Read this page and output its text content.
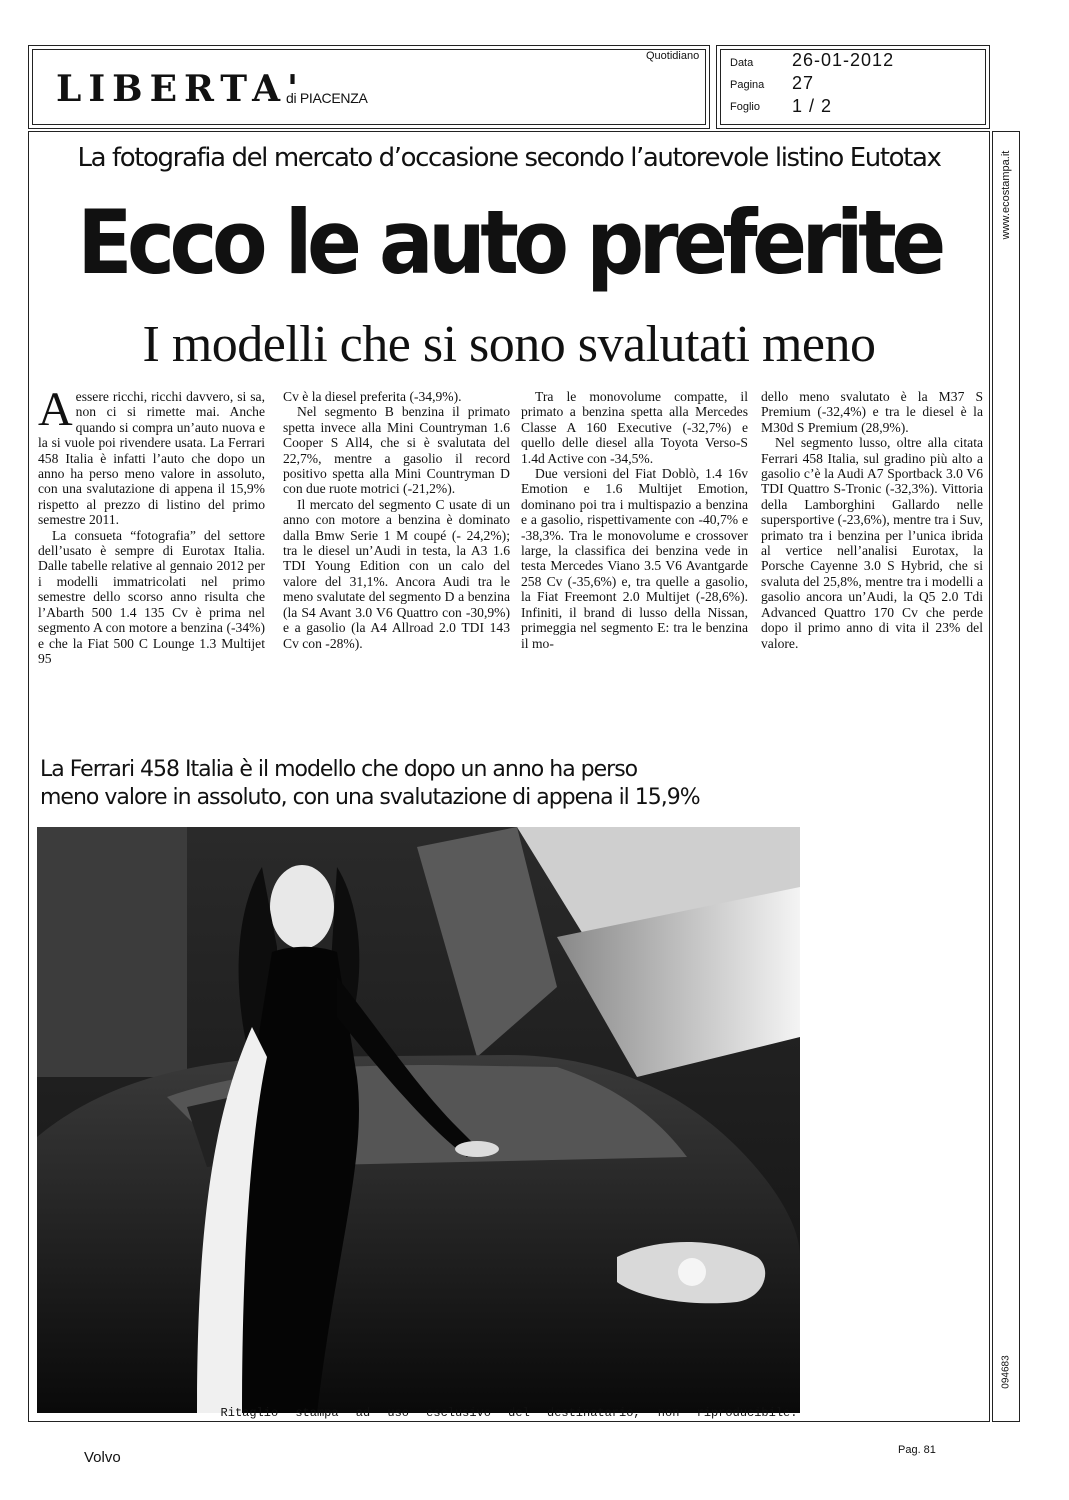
LIBERTA'
di PIACENZA
Quotidiano
Data 26-01-2012
Pagina 27
Foglio 1 / 2
www.ecostampa.it
094683
La fotografia del mercato d’occasione secondo l’autorevole listino Eutotax
Ecco le auto preferite
I modelli che si sono svalutati meno

Aessere ricchi, ricchi davvero, si sa, non ci si rimette mai. Anche quando si compra un’auto nuova e la si vuole poi rivendere usata. La Ferrari 458 Italia è infatti l’auto che dopo un anno ha perso meno valore in assoluto, con una svalutazione di appena il 15,9% rispetto al prezzo di listino del primo semestre 2011.

La consueta “fotografia” del settore dell’usato è sempre di Eurotax Italia. Dalle tabelle relative al gennaio 2012 per i modelli immatricolati nel primo semestre dello scorso anno risulta che l’Abarth 500 1.4 135 Cv è prima nel segmento A con motore a benzina (-34%) e che la Fiat 500 C Lounge 1.3 Multijet 95

Cv è la diesel preferita (-34,9%).

Nel segmento B benzina il primato spetta invece alla Mini Countryman 1.6 Cooper S All4, che si è svalutata del 22,7%, mentre a gasolio il record positivo spetta alla Mini Countryman D con due ruote motrici (-21,2%).

Il mercato del segmento C usate di un anno con motore a benzina è dominato dalla Bmw Serie 1 M coupé (- 24,2%); tra le diesel un’Audi in testa, la A3 1.6 TDI Young Edition con un calo del valore del 31,1%. Ancora Audi tra le meno svalutate del segmento D a benzina (la S4 Avant 3.0 V6 Quattro con -30,9%) e a gasolio (la A4 Allroad 2.0 TDI 143 Cv con -28%).

Tra le monovolume compatte, il primato a benzina spetta alla Mercedes Classe A 160 Executive (-32,7%) e quello delle diesel alla Toyota Verso-S 1.4d Active con -34,5%.

Due versioni del Fiat Doblò, 1.4 16v Emotion e 1.6 Multijet Emotion, dominano poi tra i multispazio a benzina e a gasolio, rispettivamente con -40,7% e -38,3%. Tra le monovolume e crossover large, la classifica dei benzina vede in testa Mercedes Viano 3.5 V6 Avantgarde 258 Cv (-35,6%) e, tra quelle a gasolio, la Fiat Freemont 2.0 Multijet (-28,6%). Infiniti, il brand di lusso della Nissan, primeggia nel segmento E: tra le benzina il mo-

dello meno svalutato è la M37 S Premium (-32,4%) e tra le diesel è la M30d S Premium (28,9%).

Nel segmento lusso, oltre alla citata Ferrari 458 Italia, sul gradino più alto a gasolio c’è la Audi A7 Sportback 3.0 V6 TDI Quattro S-Tronic (-32,3%). Vittoria della Lamborghini Gallardo nelle supersportive (-23,6%), mentre tra i Suv, primato tra i benzina per l’unica ibrida al vertice nell’analisi Eurotax, la Porsche Cayenne 3.0 S Hybrid, che si svaluta del 25,8%, mentre tra i modelli a gasolio ancora un’Audi, la Q5 2.0 Tdi Advanced Quattro 170 Cv che perde dopo il primo anno di vita il 23% del valore.

La Ferrari 458 Italia è il modello che dopo un anno ha perso
meno valore in assoluto, con una svalutazione di appena il 15,9%
Ritaglio stampa ad uso esclusivo del destinatario, non riproducibile.
Volvo	Pag. 81
